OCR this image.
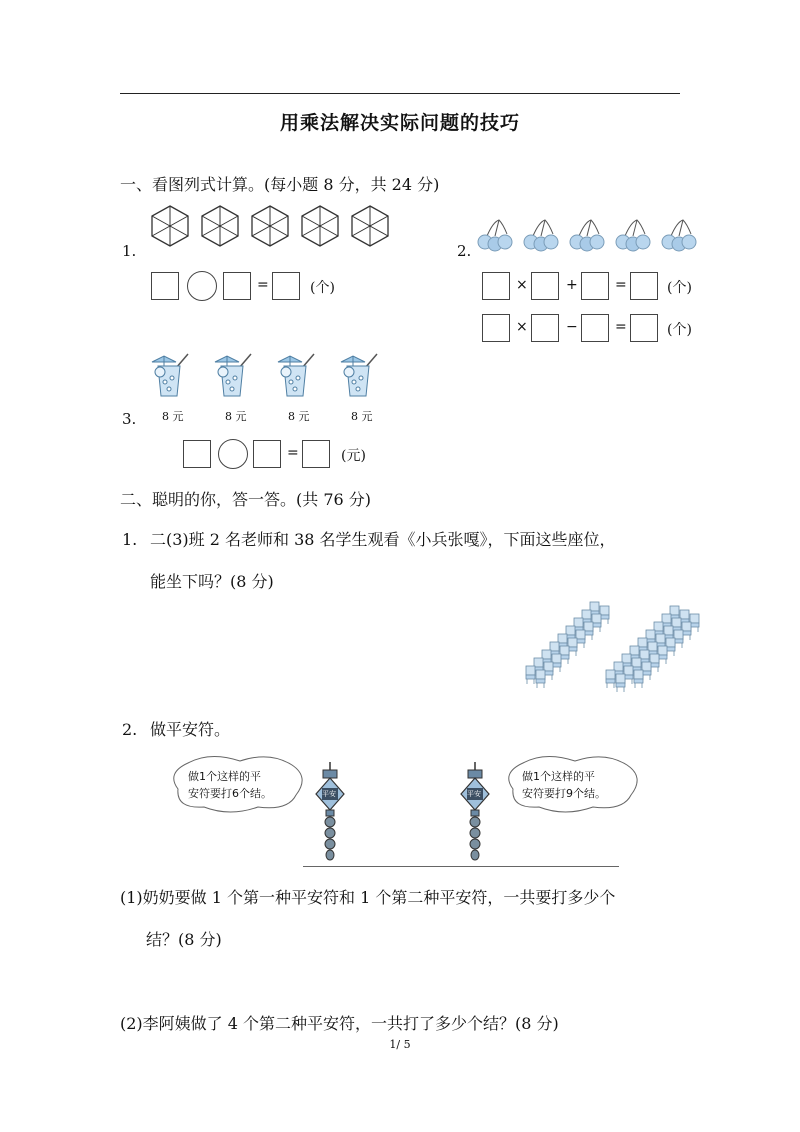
用乘法解决实际问题的技巧
一、看图列式计算。(每小题 8 分，共 24 分)
1.
=	(个)
2.
×	+	=	(个)
×	−	=	(个)
3. 8 元	8 元	8 元	8 元
=	(元)
二、聪明的你，答一答。(共 76 分)
1. 二(3)班 2 名老师和 38 名学生观看《小兵张嘎》，下面这些座位，
能坐下吗？(8 分)
2. 做平安符。
做1个这样的平
安符要打6个结。
做1个这样的平
安符要打9个结。
平安	平安
(1)奶奶要做 1 个第一种平安符和 1 个第二种平安符，一共要打多少个
结？(8 分)
(2)李阿姨做了 4 个第二种平安符，一共打了多少个结？(8 分)
1/ 5
